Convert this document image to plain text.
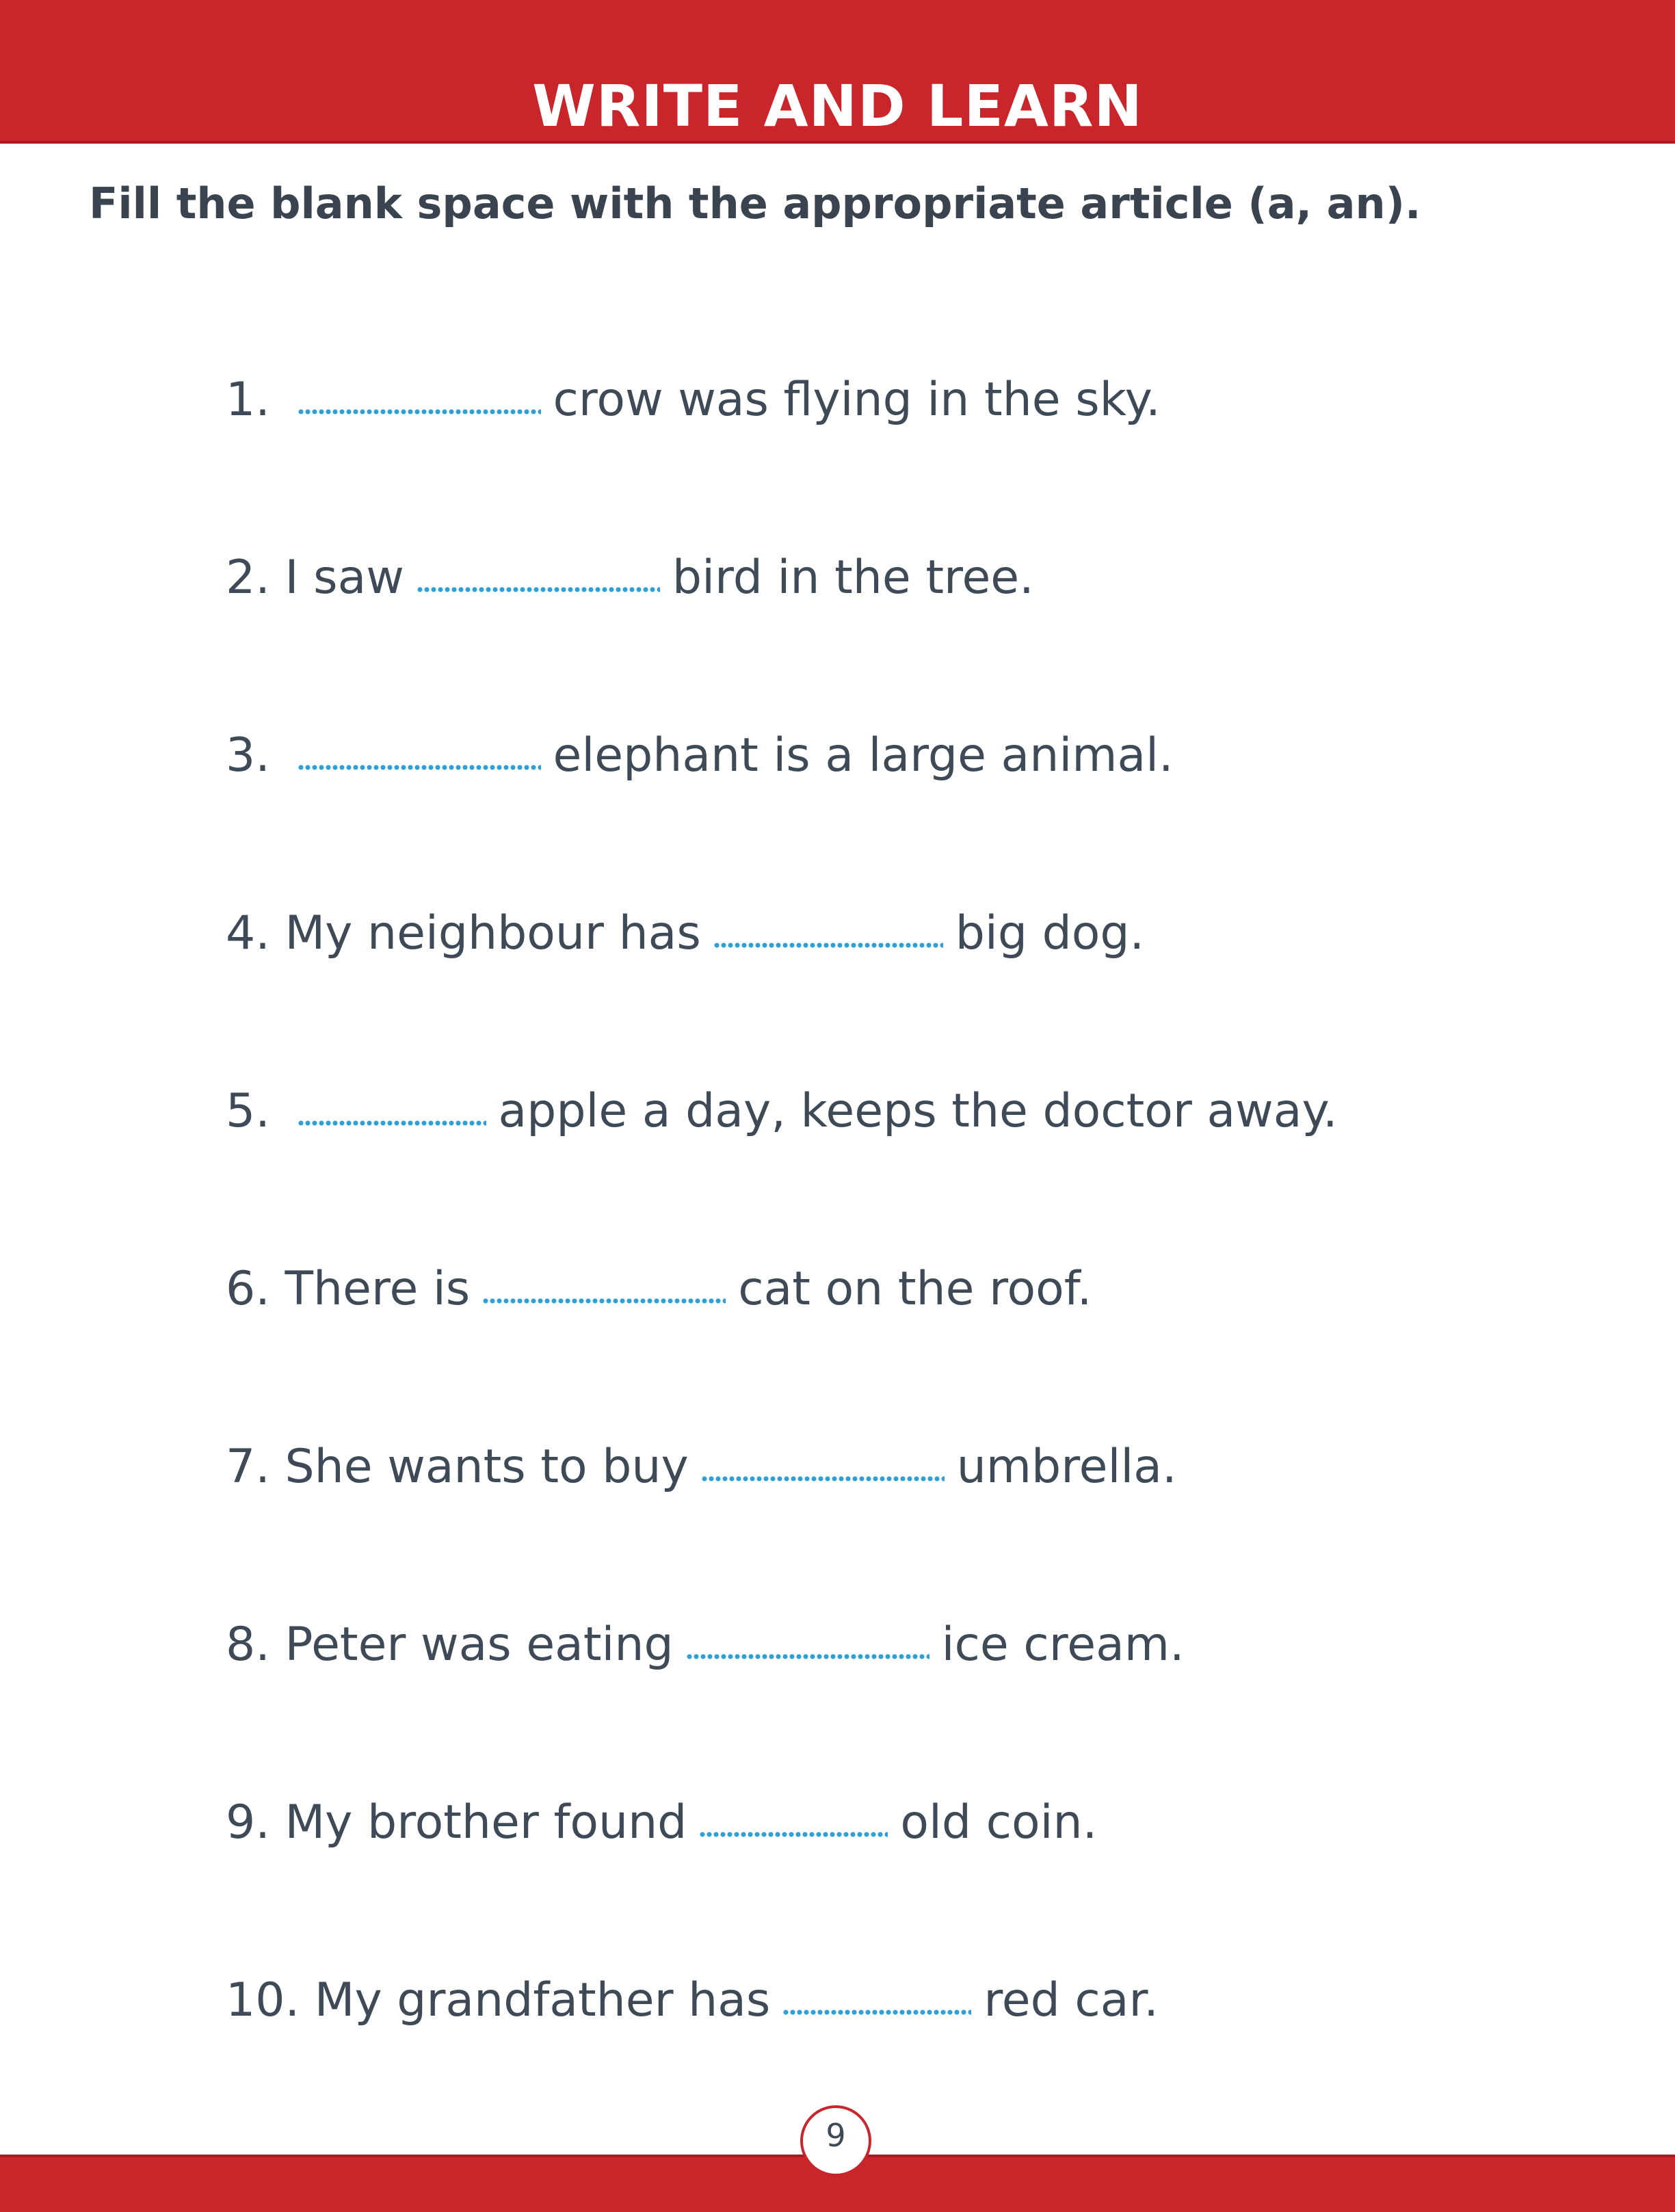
WRITE AND LEARN

Fill the blank space with the appropriate article (a, an).

1.	crow was flying in the sky.
2. I saw	bird in the tree.
3.	elephant is a large animal.
4. My neighbour has	big dog.
5.	apple a day, keeps the doctor away.
6. There is	cat on the roof.
7. She wants to buy	umbrella.
8. Peter was eating	ice cream.
9. My brother found	old coin.
10. My grandfather has	red car.

9
